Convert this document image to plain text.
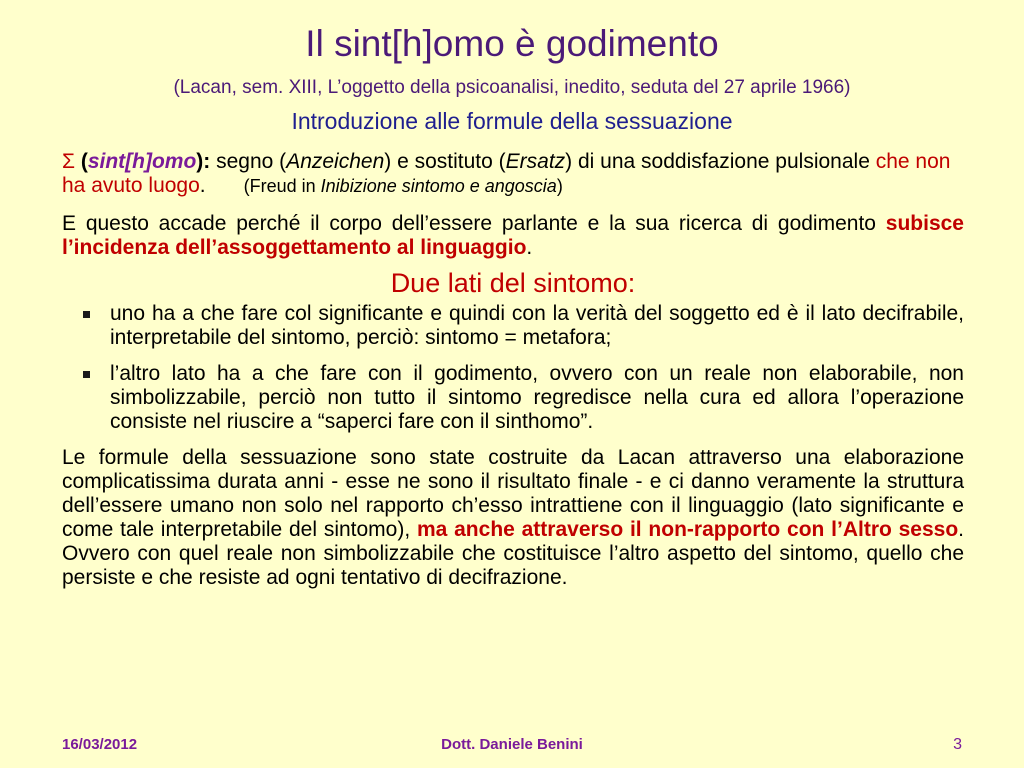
Il sint[h]omo è godimento
(Lacan, sem. XIII, L’oggetto della psicoanalisi, inedito, seduta del 27 aprile 1966)
Introduzione alle formule della sessuazione

Σ (sint[h]omo): segno (Anzeichen) e sostituto (Ersatz) di una soddisfazione pulsionale che non ha avuto luogo. (Freud in Inibizione sintomo e angoscia)

E questo accade perché il corpo dell’essere parlante e la sua ricerca di godimento subisce l’incidenza dell’assoggettamento al linguaggio.

Due lati del sintomo:
uno ha a che fare col significante e quindi con la verità del soggetto ed è il lato decifrabile, interpretabile del sintomo, perciò: sintomo = metafora;
l’altro lato ha a che fare con il godimento, ovvero con un reale non elaborabile, non simbolizzabile, perciò non tutto il sintomo regredisce nella cura ed allora l’operazione consiste nel riuscire a “saperci fare con il sinthomo”.

Le formule della sessuazione sono state costruite da Lacan attraverso una elaborazione complicatissima durata anni - esse ne sono il risultato finale - e ci danno veramente la struttura dell’essere umano non solo nel rapporto ch’esso intrattiene con il linguaggio (lato significante e come tale interpretabile del sintomo), ma anche attraverso il non-rapporto con l’Altro sesso. Ovvero con quel reale non simbolizzabile che costituisce l’altro aspetto del sintomo, quello che persiste e che resiste ad ogni tentativo di decifrazione.

16/03/2012	Dott. Daniele Benini	3
